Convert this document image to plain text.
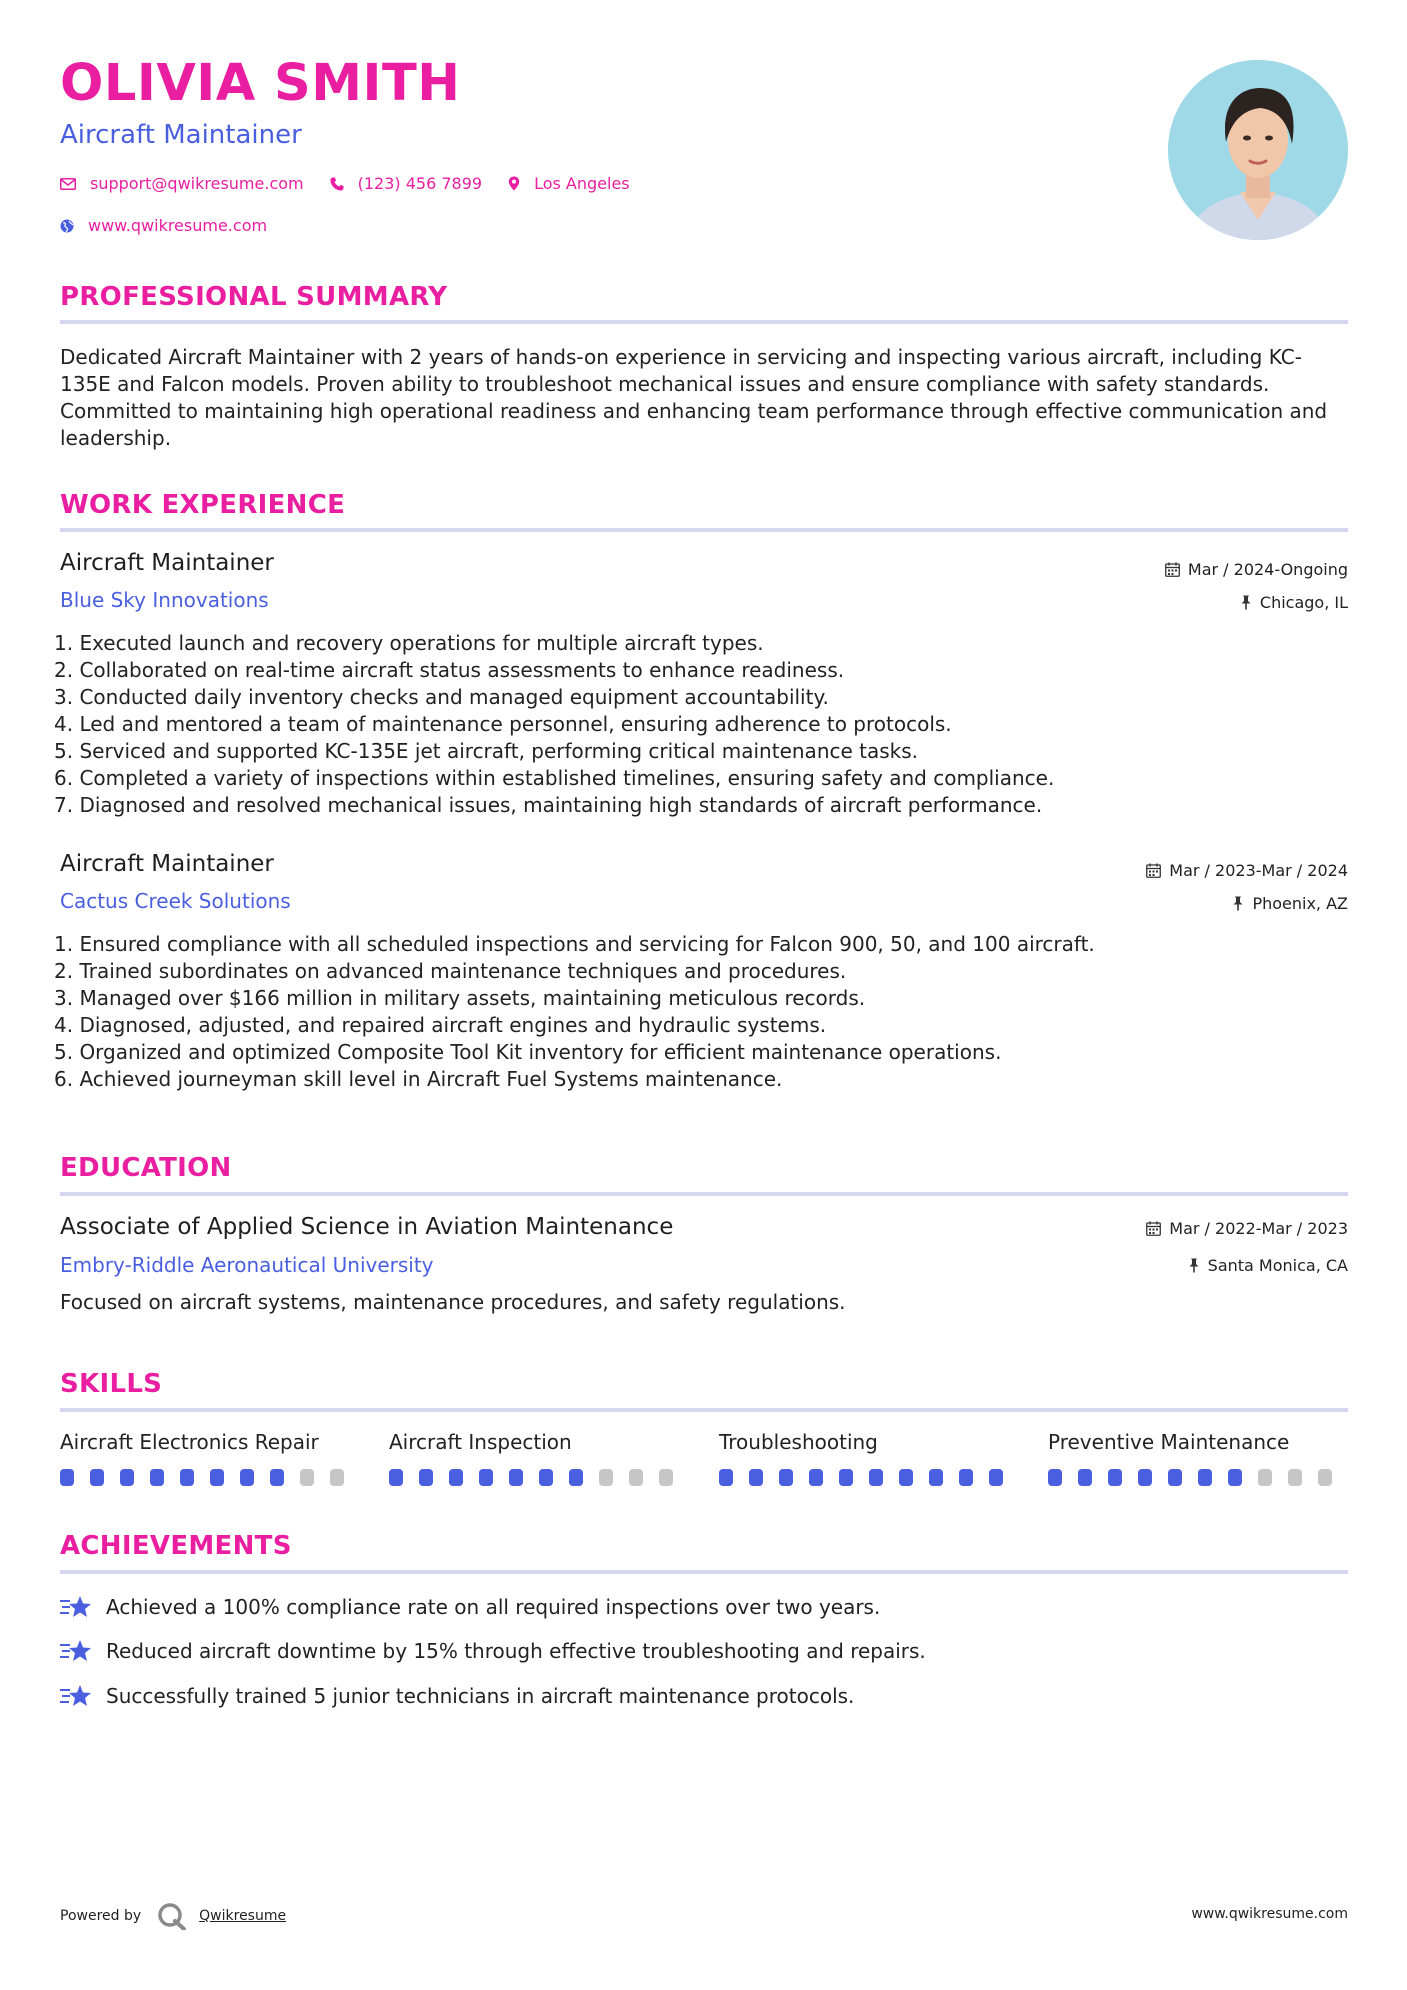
OLIVIA SMITH
Aircraft Maintainer
support@qwikresume.com	(123) 456 7899	Los Angeles
www.qwikresume.com
PROFESSIONAL SUMMARY
Dedicated Aircraft Maintainer with 2 years of hands-on experience in servicing and inspecting various aircraft, including KC-135E and Falcon models. Proven ability to troubleshoot mechanical issues and ensure compliance with safety standards. Committed to maintaining high operational readiness and enhancing team performance through effective communication and leadership.
WORK EXPERIENCE
Aircraft Maintainer	Mar / 2024-Ongoing
Blue Sky Innovations	Chicago, IL
1. Executed launch and recovery operations for multiple aircraft types.
2. Collaborated on real-time aircraft status assessments to enhance readiness.
3. Conducted daily inventory checks and managed equipment accountability.
4. Led and mentored a team of maintenance personnel, ensuring adherence to protocols.
5. Serviced and supported KC-135E jet aircraft, performing critical maintenance tasks.
6. Completed a variety of inspections within established timelines, ensuring safety and compliance.
7. Diagnosed and resolved mechanical issues, maintaining high standards of aircraft performance.
Aircraft Maintainer	Mar / 2023-Mar / 2024
Cactus Creek Solutions	Phoenix, AZ
1. Ensured compliance with all scheduled inspections and servicing for Falcon 900, 50, and 100 aircraft.
2. Trained subordinates on advanced maintenance techniques and procedures.
3. Managed over $166 million in military assets, maintaining meticulous records.
4. Diagnosed, adjusted, and repaired aircraft engines and hydraulic systems.
5. Organized and optimized Composite Tool Kit inventory for efficient maintenance operations.
6. Achieved journeyman skill level in Aircraft Fuel Systems maintenance.
EDUCATION
Associate of Applied Science in Aviation Maintenance	Mar / 2022-Mar / 2023
Embry-Riddle Aeronautical University	Santa Monica, CA
Focused on aircraft systems, maintenance procedures, and safety regulations.
SKILLS
Aircraft Electronics Repair	Aircraft Inspection	Troubleshooting	Preventive Maintenance
ACHIEVEMENTS
Achieved a 100% compliance rate on all required inspections over two years.
Reduced aircraft downtime by 15% through effective troubleshooting and repairs.
Successfully trained 5 junior technicians in aircraft maintenance protocols.
Powered by	Qwikresume	www.qwikresume.com
